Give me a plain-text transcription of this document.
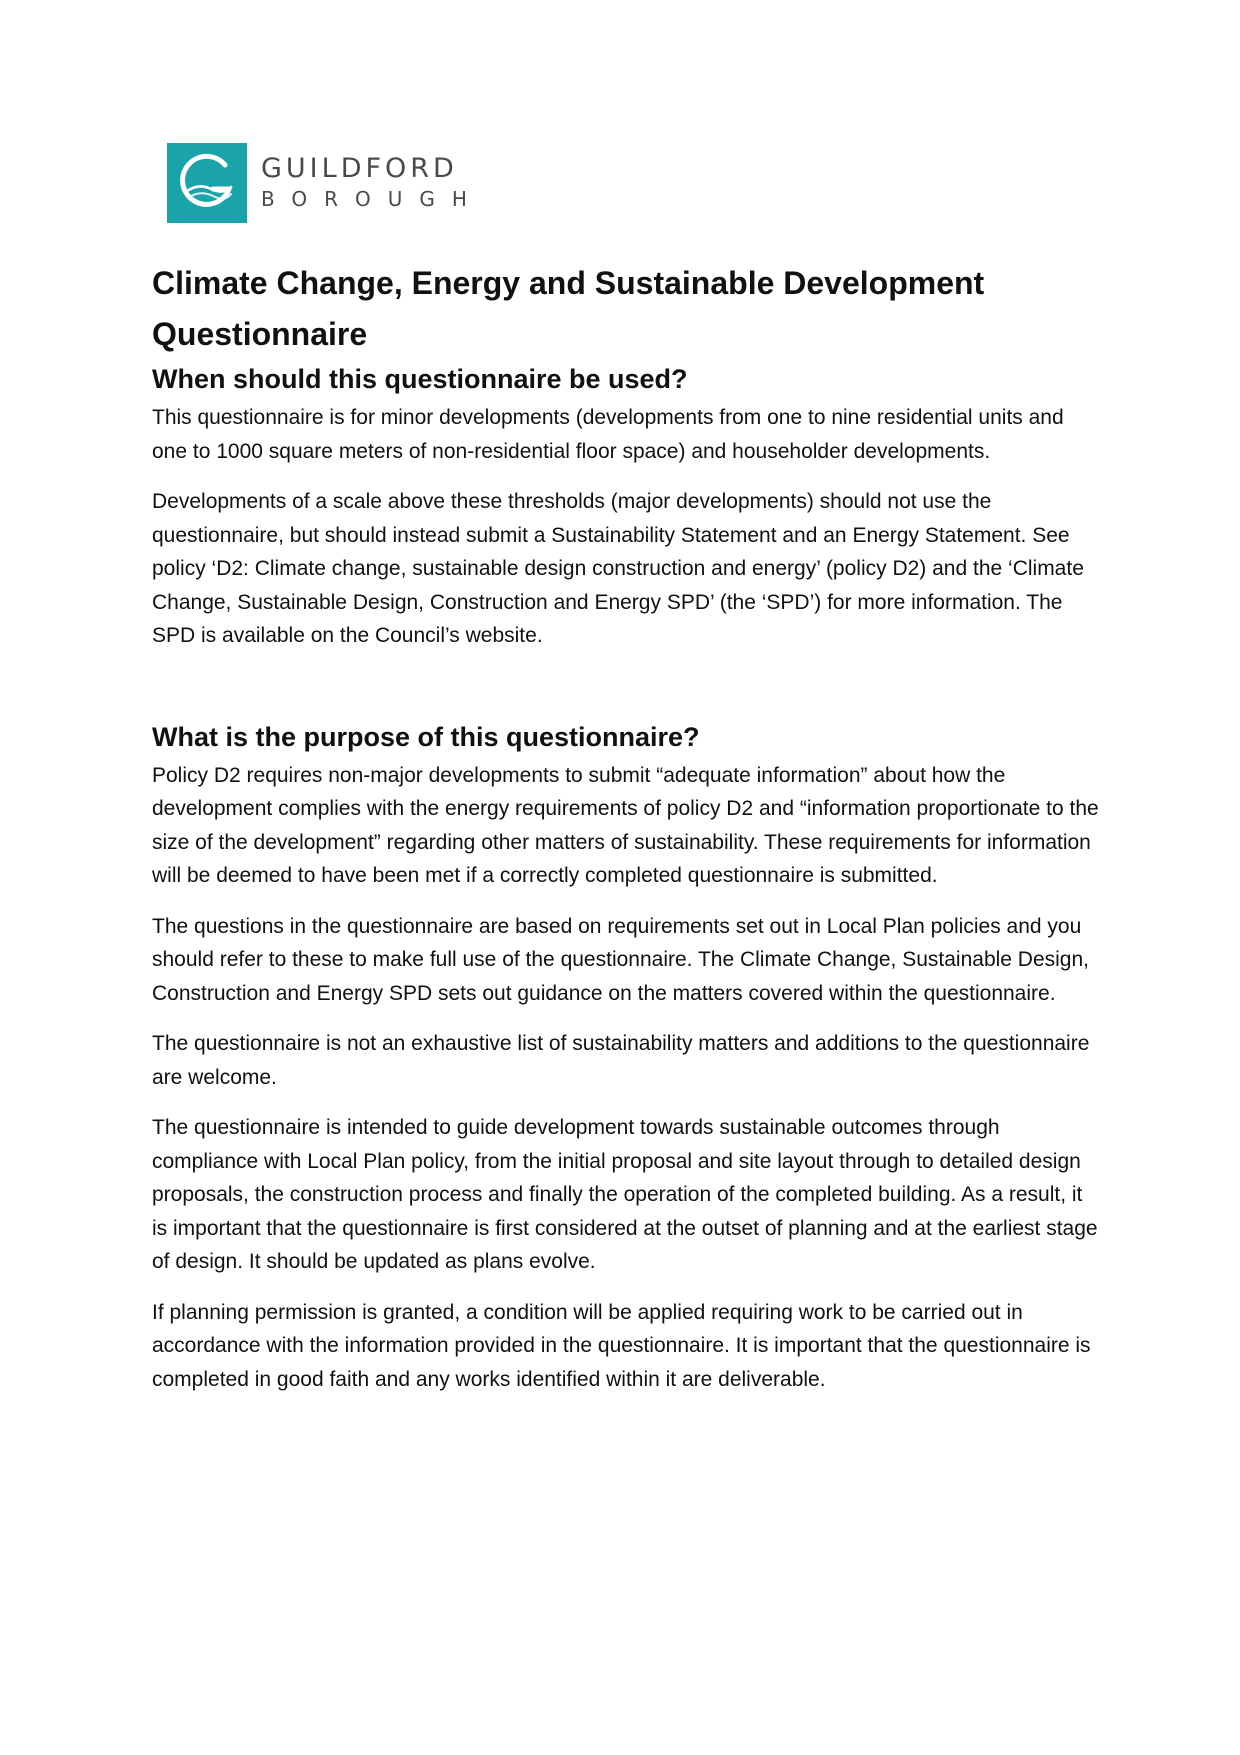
GUILDFORD
BOROUGH
Climate Change, Energy and Sustainable Development Questionnaire
When should this questionnaire be used?

This questionnaire is for minor developments (developments from one to nine residential units and one to 1000 square meters of non-residential floor space) and householder developments.

Developments of a scale above these thresholds (major developments) should not use the questionnaire, but should instead submit a Sustainability Statement and an Energy Statement. See policy ‘D2: Climate change, sustainable design construction and energy’ (policy D2) and the ‘Climate Change, Sustainable Design, Construction and Energy SPD’ (the ‘SPD’) for more information. The SPD is available on the Council’s website.

What is the purpose of this questionnaire?

Policy D2 requires non-major developments to submit “adequate information” about how the development complies with the energy requirements of policy D2 and “information proportionate to the size of the development” regarding other matters of sustainability. These requirements for information will be deemed to have been met if a correctly completed questionnaire is submitted.

The questions in the questionnaire are based on requirements set out in Local Plan policies and you should refer to these to make full use of the questionnaire. The Climate Change, Sustainable Design, Construction and Energy SPD sets out guidance on the matters covered within the questionnaire.

The questionnaire is not an exhaustive list of sustainability matters and additions to the questionnaire are welcome.

The questionnaire is intended to guide development towards sustainable outcomes through compliance with Local Plan policy, from the initial proposal and site layout through to detailed design proposals, the construction process and finally the operation of the completed building. As a result, it is important that the questionnaire is first considered at the outset of planning and at the earliest stage of design. It should be updated as plans evolve.

If planning permission is granted, a condition will be applied requiring work to be carried out in accordance with the information provided in the questionnaire. It is important that the questionnaire is completed in good faith and any works identified within it are deliverable.
